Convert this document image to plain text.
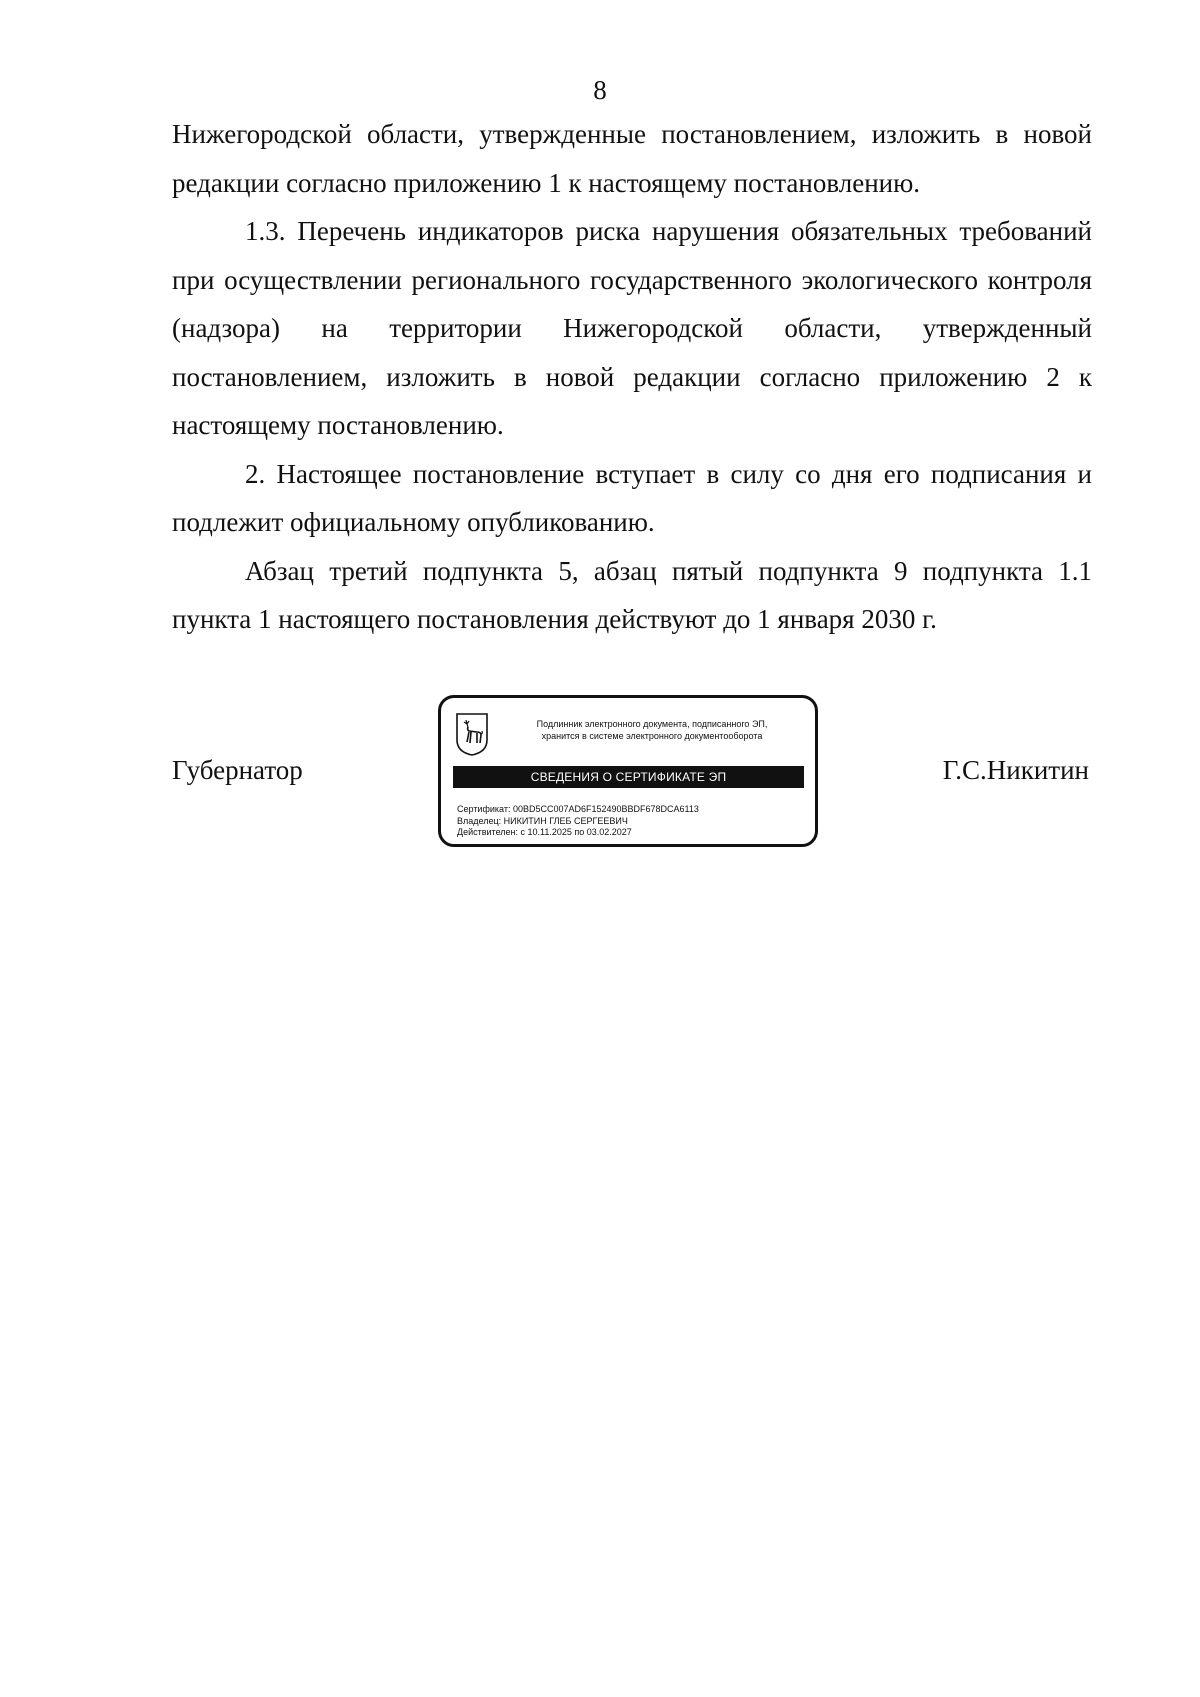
8

Нижегородской области, утвержденные постановлением, изложить в новой редакции согласно приложению 1 к настоящему постановлению.

1.3. Перечень индикаторов риска нарушения обязательных требований при осуществлении регионального государственного экологического контроля (надзора) на территории Нижегородской области, утвержденный постановлением, изложить в новой редакции согласно приложению 2 к настоящему постановлению.

2. Настоящее постановление вступает в силу со дня его подписания и подлежит официальному опубликованию.

Абзац третий подпункта 5, абзац пятый подпункта 9 подпункта 1.1 пункта 1 настоящего постановления действуют до 1 января 2030 г.

Губернатор
Подлинник электронного документа, подписанного ЭП,
хранится в системе электронного документооборота
СВЕДЕНИЯ О СЕРТИФИКАТЕ ЭП
Сертификат: 00BD5CC007AD6F152490BBDF678DCA6113
Владелец: НИКИТИН ГЛЕБ СЕРГЕЕВИЧ
Действителен: с 10.11.2025 по 03.02.2027
Г.С.Никитин
